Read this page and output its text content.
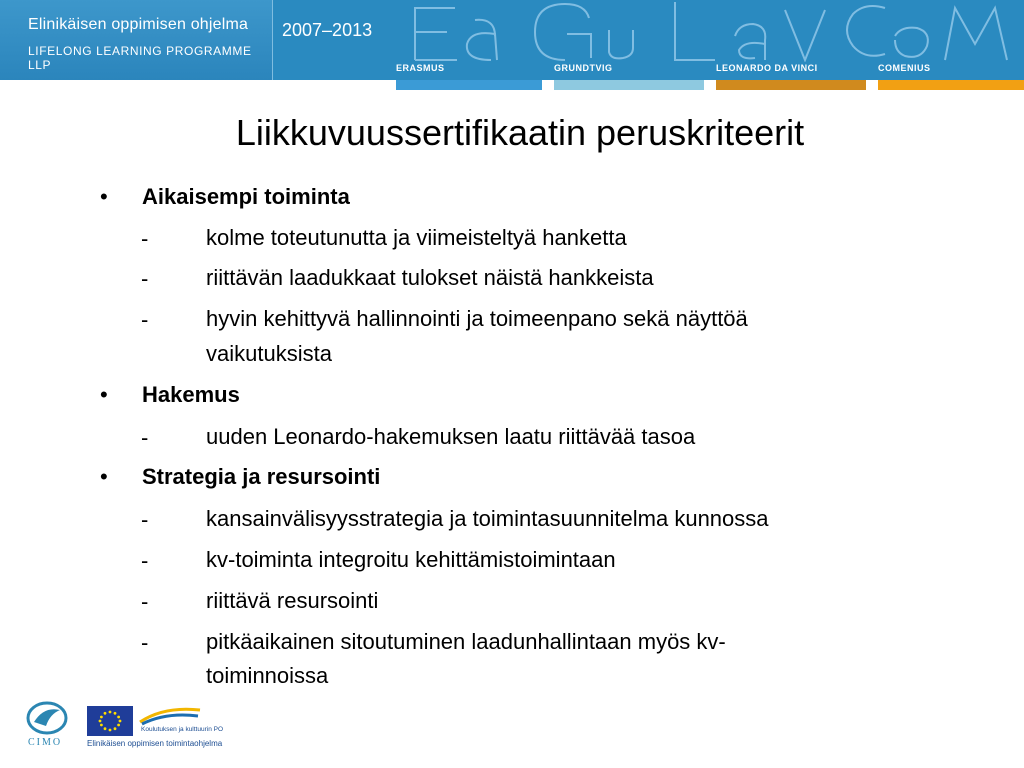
Elinikäisen oppimisen ohjelma
LIFELONG LEARNING PROGRAMME LLP
2007–2013
ERASMUS	GRUNDTVIG	LEONARDO DA VINCI	COMENIUS
Liikkuvuussertifikaatin peruskriteerit
• Aikaisempi toiminta
-	kolme toteutunutta ja viimeisteltyä hanketta
-	riittävän laadukkaat tulokset näistä hankkeista
-	hyvin kehittyvä hallinnointi ja toimeenpano sekä näyttöä
vaikutuksista
• Hakemus
-	uuden Leonardo-hakemuksen laatu riittävää tasoa
• Strategia ja resursointi
-	kansainvälisyysstrategia ja toimintasuunnitelma kunnossa
-	kv-toiminta integroitu kehittämistoimintaan
-	riittävä resursointi
-	pitkäaikainen sitoutuminen laadunhallintaan myös kv-
toiminnoissa
CIMO
Koulutuksen ja kulttuurin PO
Elinikäisen oppimisen toimintaohjelma
